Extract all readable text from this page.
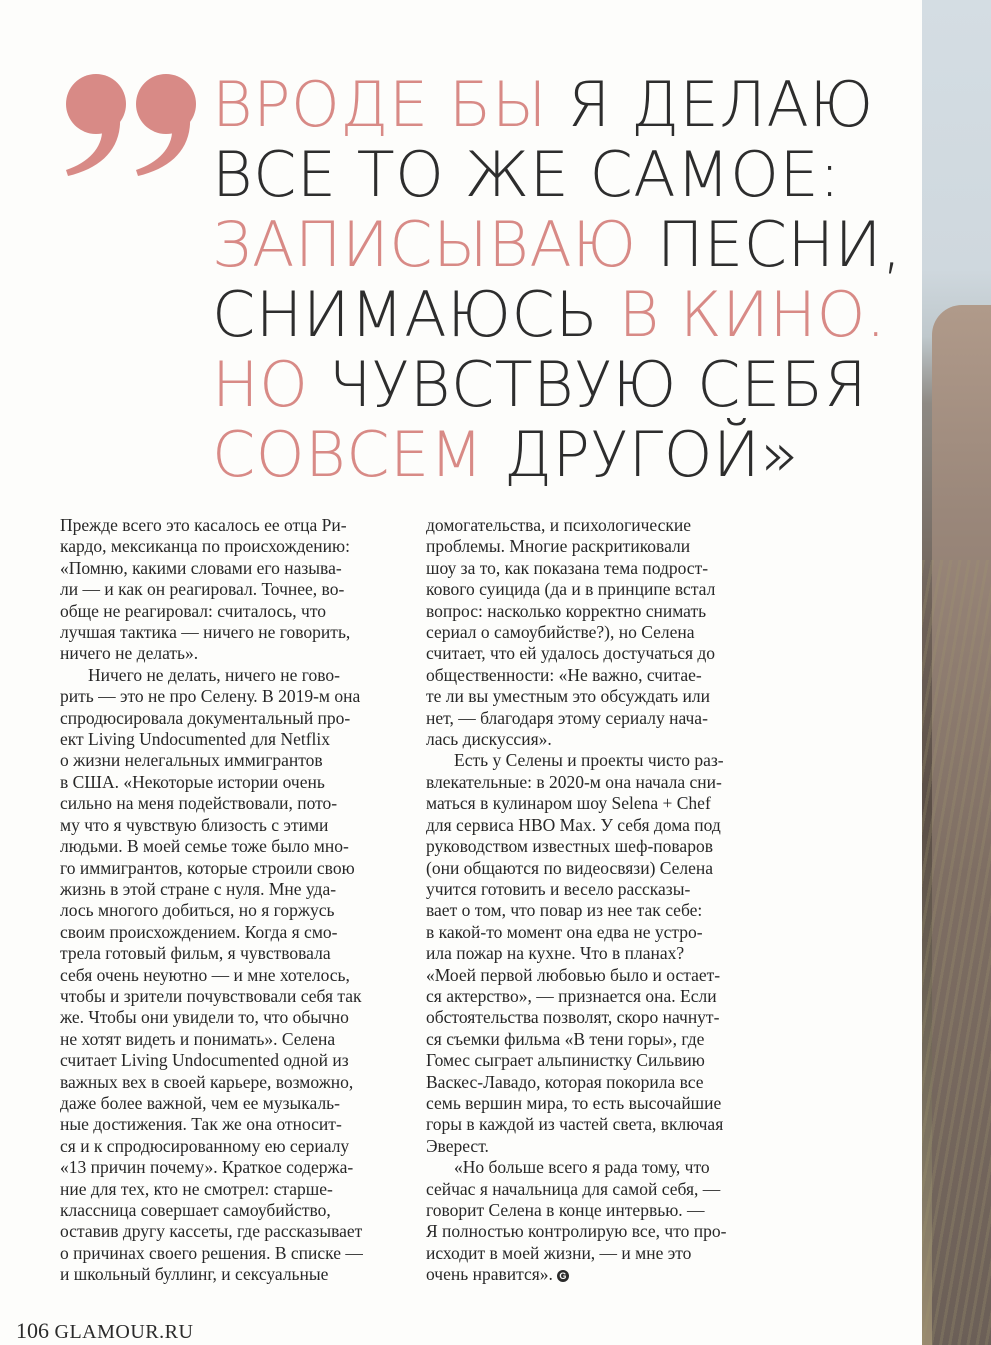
ВРОДЕ БЫ Я ДЕЛАЮ
ВСЕ ТО ЖЕ САМОЕ:
ЗАПИСЫВАЮ ПЕСНИ,
СНИМАЮСЬ В КИНО.
НО ЧУВСТВУЮ СЕБЯ
СОВСЕМ ДРУГОЙ»
Прежде всего это касалось ее отца Ри-
кардо, мексиканца по происхождению:
«Помню, какими словами его называ-
ли — и как он реагировал. Точнее, во-
обще не реагировал: считалось, что
лучшая тактика — ничего не говорить,
ничего не делать».
Ничего не делать, ничего не гово-
рить — это не про Селену. В 2019-м она
спродюсировала документальный про-
ект Living Undocumented для Netflix
о жизни нелегальных иммигрантов
в США. «Некоторые истории очень
сильно на меня подействовали, пото-
му что я чувствую близость с этими
людьми. В моей семье тоже было мно-
го иммигрантов, которые строили свою
жизнь в этой стране с нуля. Мне уда-
лось многого добиться, но я горжусь
своим происхождением. Когда я смо-
трела готовый фильм, я чувствовала
себя очень неуютно — и мне хотелось,
чтобы и зрители почувствовали себя так
же. Чтобы они увидели то, что обычно
не хотят видеть и понимать». Селена
считает Living Undocumented одной из
важных вех в своей карьере, возможно,
даже более важной, чем ее музыкаль-
ные достижения. Так же она относит-
ся и к спродюсированному ею сериалу
«13 причин почему». Краткое содержа-
ние для тех, кто не смотрел: старше-
классница совершает самоубийство,
оставив другу кассеты, где рассказывает
о причинах своего решения. В списке —
и школьный буллинг, и сексуальные
домогательства, и психологические
проблемы. Многие раскритиковали
шоу за то, как показана тема подрост-
кового суицида (да и в принципе встал
вопрос: насколько корректно снимать
сериал о самоубийстве?), но Селена
считает, что ей удалось достучаться до
общественности: «Не важно, считае-
те ли вы уместным это обсуждать или
нет, — благодаря этому сериалу нача-
лась дискуссия».
Есть у Селены и проекты чисто раз-
влекательные: в 2020-м она начала сни-
маться в кулинаром шоу Selena + Chef
для сервиса HBO Max. У себя дома под
руководством известных шеф-поваров
(они общаются по видеосвязи) Селена
учится готовить и весело рассказы-
вает о том, что повар из нее так себе:
в какой-то момент она едва не устро-
ила пожар на кухне. Что в планах?
«Моей первой любовью было и остает-
ся актерство», — признается она. Если
обстоятельства позволят, скоро начнут-
ся съемки фильма «В тени горы», где
Гомес сыграет альпинистку Сильвию
Васкес-Лавадо, которая покорила все
семь вершин мира, то есть высочайшие
горы в каждой из частей света, включая
Эверест.
«Но больше всего я рада тому, что
сейчас я начальница для самой себя, —
говорит Селена в конце интервью. —
Я полностью контролирую все, что про-
исходит в моей жизни, — и мне это
очень нравится». G
106 GLAMOUR.RU
